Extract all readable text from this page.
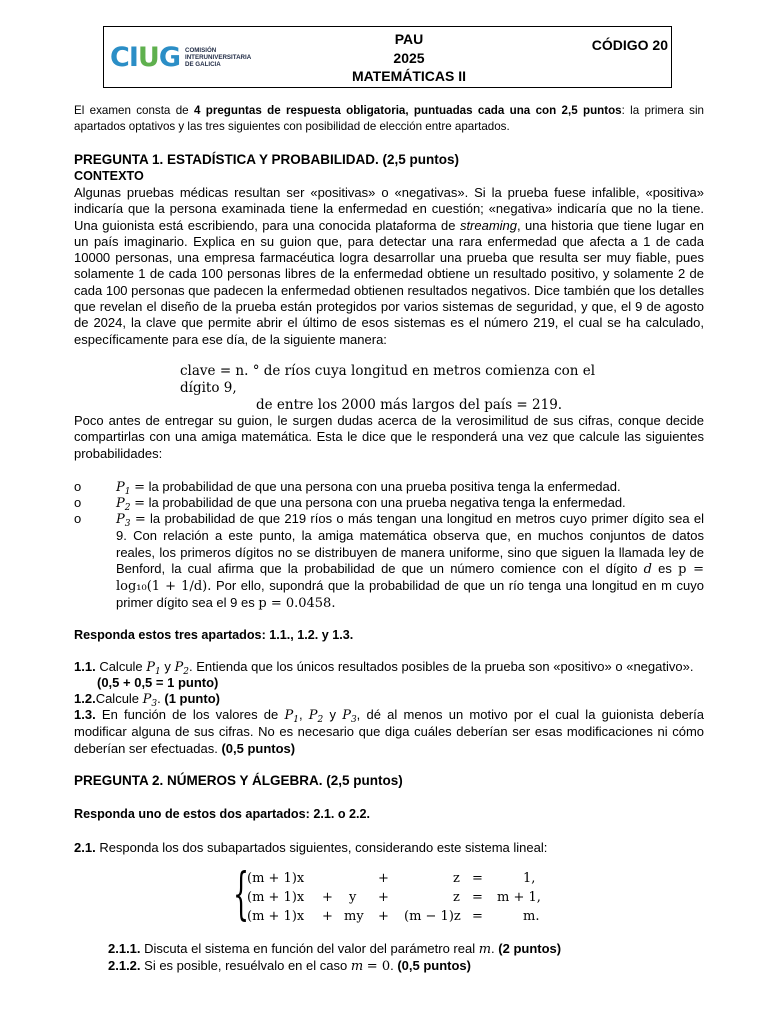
CIUG COMISIÓN
INTERUNIVERSITARIA
DE GALICIA
PAU
2025
MATEMÁTICAS II
CÓDIGO 20
El examen consta de 4 preguntas de respuesta obligatoria, puntuadas cada una con 2,5 puntos: la primera sin apartados optativos y las tres siguientes con posibilidad de elección entre apartados.
PREGUNTA 1. ESTADÍSTICA Y PROBABILIDAD. (2,5 puntos)
CONTEXTO
Algunas pruebas médicas resultan ser «positivas» o «negativas». Si la prueba fuese infalible, «positiva» indicaría que la persona examinada tiene la enfermedad en cuestión; «negativa» indicaría que no la tiene. Una guionista está escribiendo, para una conocida plataforma de streaming, una historia que tiene lugar en un país imaginario. Explica en su guion que, para detectar una rara enfermedad que afecta a 1 de cada 10000 personas, una empresa farmacéutica logra desarrollar una prueba que resulta ser muy fiable, pues solamente 1 de cada 100 personas libres de la enfermedad obtiene un resultado positivo, y solamente 2 de cada 100 personas que padecen la enfermedad obtienen resultados negativos. Dice también que los detalles que revelan el diseño de la prueba están protegidos por varios sistemas de seguridad, y que, el 9 de agosto de 2024, la clave que permite abrir el último de esos sistemas es el número 219, el cual se ha calculado, específicamente para ese día, de la siguiente manera:
clave = n. ° de ríos cuya longitud en metros comienza con el dígito 9,
de entre los 2000 más largos del país = 219.
Poco antes de entregar su guion, le surgen dudas acerca de la verosimilitud de sus cifras, conque decide compartirlas con una amiga matemática. Esta le dice que le responderá una vez que calcule las siguientes probabilidades:
o	$P_1$ = la probabilidad de que una persona con una prueba positiva tenga la enfermedad.
o	$P_2$ = la probabilidad de que una persona con una prueba negativa tenga la enfermedad.
o	$P_3$ = la probabilidad de que 219 ríos o más tengan una longitud en metros cuyo primer dígito sea el 9. Con relación a este punto, la amiga matemática observa que, en muchos conjuntos de datos reales, los primeros dígitos no se distribuyen de manera uniforme, sino que siguen la llamada ley de Benford, la cual afirma que la probabilidad de que un número comience con el dígito d es p = log₁₀(1 + 1/d). Por ello, supondrá que la probabilidad de que un río tenga una longitud en m cuyo primer dígito sea el 9 es p = 0.0458.
Responda estos tres apartados: 1.1., 1.2. y 1.3.
1.1. Calcule $P_1$ y $P_2$. Entienda que los únicos resultados posibles de la prueba son «positivo» o «negativo».
(0,5 + 0,5 = 1 punto)
1.2.Calcule $P_3$. (1 punto)
1.3. En función de los valores de $P_1$, $P_2$ y $P_3$, dé al menos un motivo por el cual la guionista debería modificar alguna de sus cifras. No es necesario que diga cuáles deberían ser esas modificaciones ni cómo deberían ser efectuadas. (0,5 puntos)
PREGUNTA 2. NÚMEROS Y ÁLGEBRA. (2,5 puntos)
Responda uno de estos dos apartados: 2.1. o 2.2.
2.1. Responda los dos subapartados siguientes, considerando este sistema lineal:
{
(m + 1)x	+	z =	1,
(m + 1)x + y +	z = m + 1,
(m + 1)x + my + (m − 1)z =	m.
2.1.1. Discuta el sistema en función del valor del parámetro real m. (2 puntos)
2.1.2. Si es posible, resuélvalo en el caso m = 0. (0,5 puntos)
